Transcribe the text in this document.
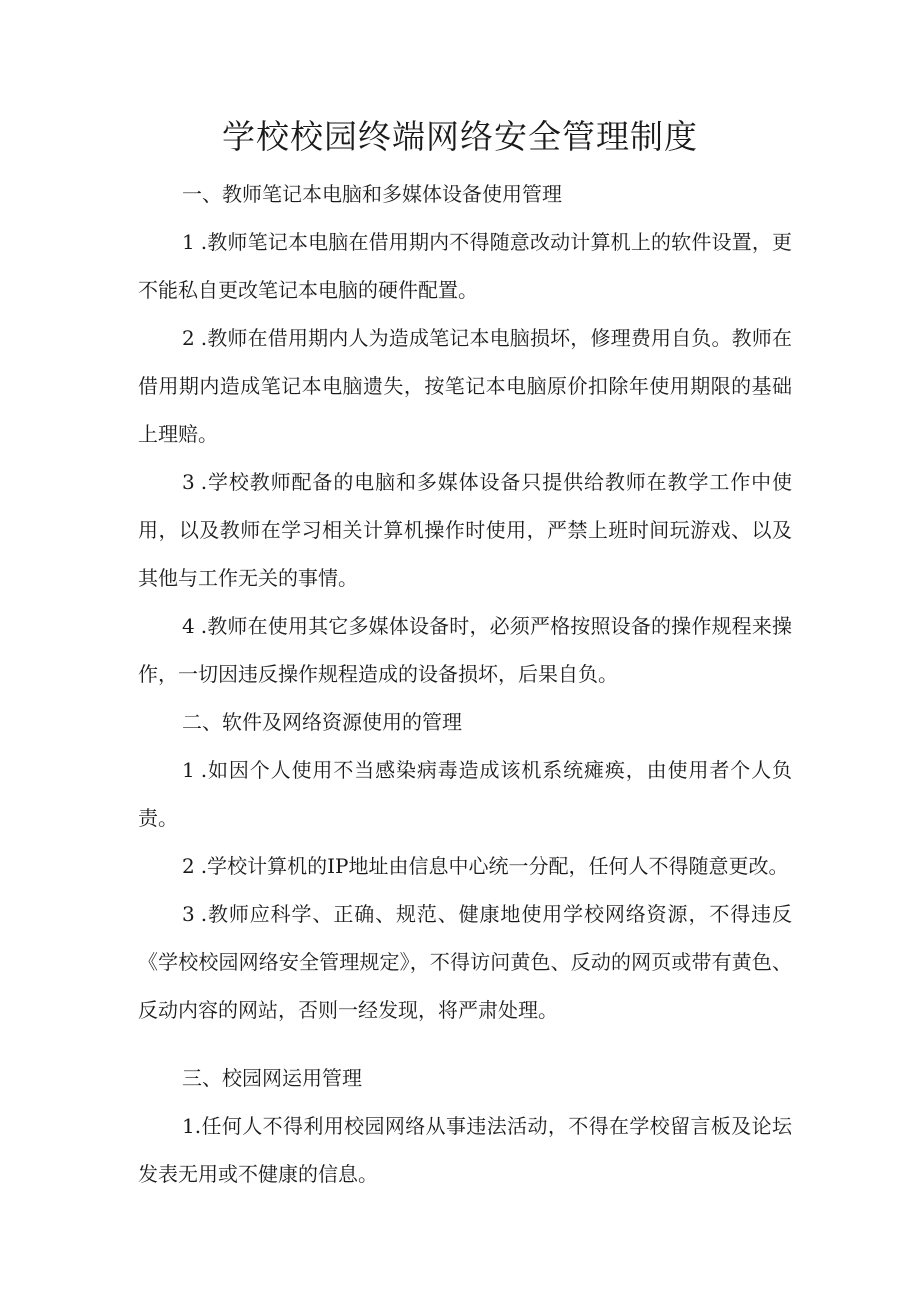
学校校园终端网络安全管理制度

一、教师笔记本电脑和多媒体设备使用管理

1 .教师笔记本电脑在借用期内不得随意改动计算机上的软件设置，更不能私自更改笔记本电脑的硬件配置。

2 .教师在借用期内人为造成笔记本电脑损坏，修理费用自负。教师在借用期内造成笔记本电脑遗失，按笔记本电脑原价扣除年使用期限的基础上理赔。

3 .学校教师配备的电脑和多媒体设备只提供给教师在教学工作中使用，以及教师在学习相关计算机操作时使用，严禁上班时间玩游戏、以及其他与工作无关的事情。

4 .教师在使用其它多媒体设备时，必须严格按照设备的操作规程来操作，一切因违反操作规程造成的设备损坏，后果自负。

二、软件及网络资源使用的管理

1 .如因个人使用不当感染病毒造成该机系统瘫痪，由使用者个人负责。

2 .学校计算机的IP地址由信息中心统一分配，任何人不得随意更改。

3 .教师应科学、正确、规范、健康地使用学校网络资源，不得违反《学校校园网络安全管理规定》，不得访问黄色、反动的网页或带有黄色、反动内容的网站，否则一经发现，将严肃处理。

三、校园网运用管理

1.任何人不得利用校园网络从事违法活动，不得在学校留言板及论坛发表无用或不健康的信息。
